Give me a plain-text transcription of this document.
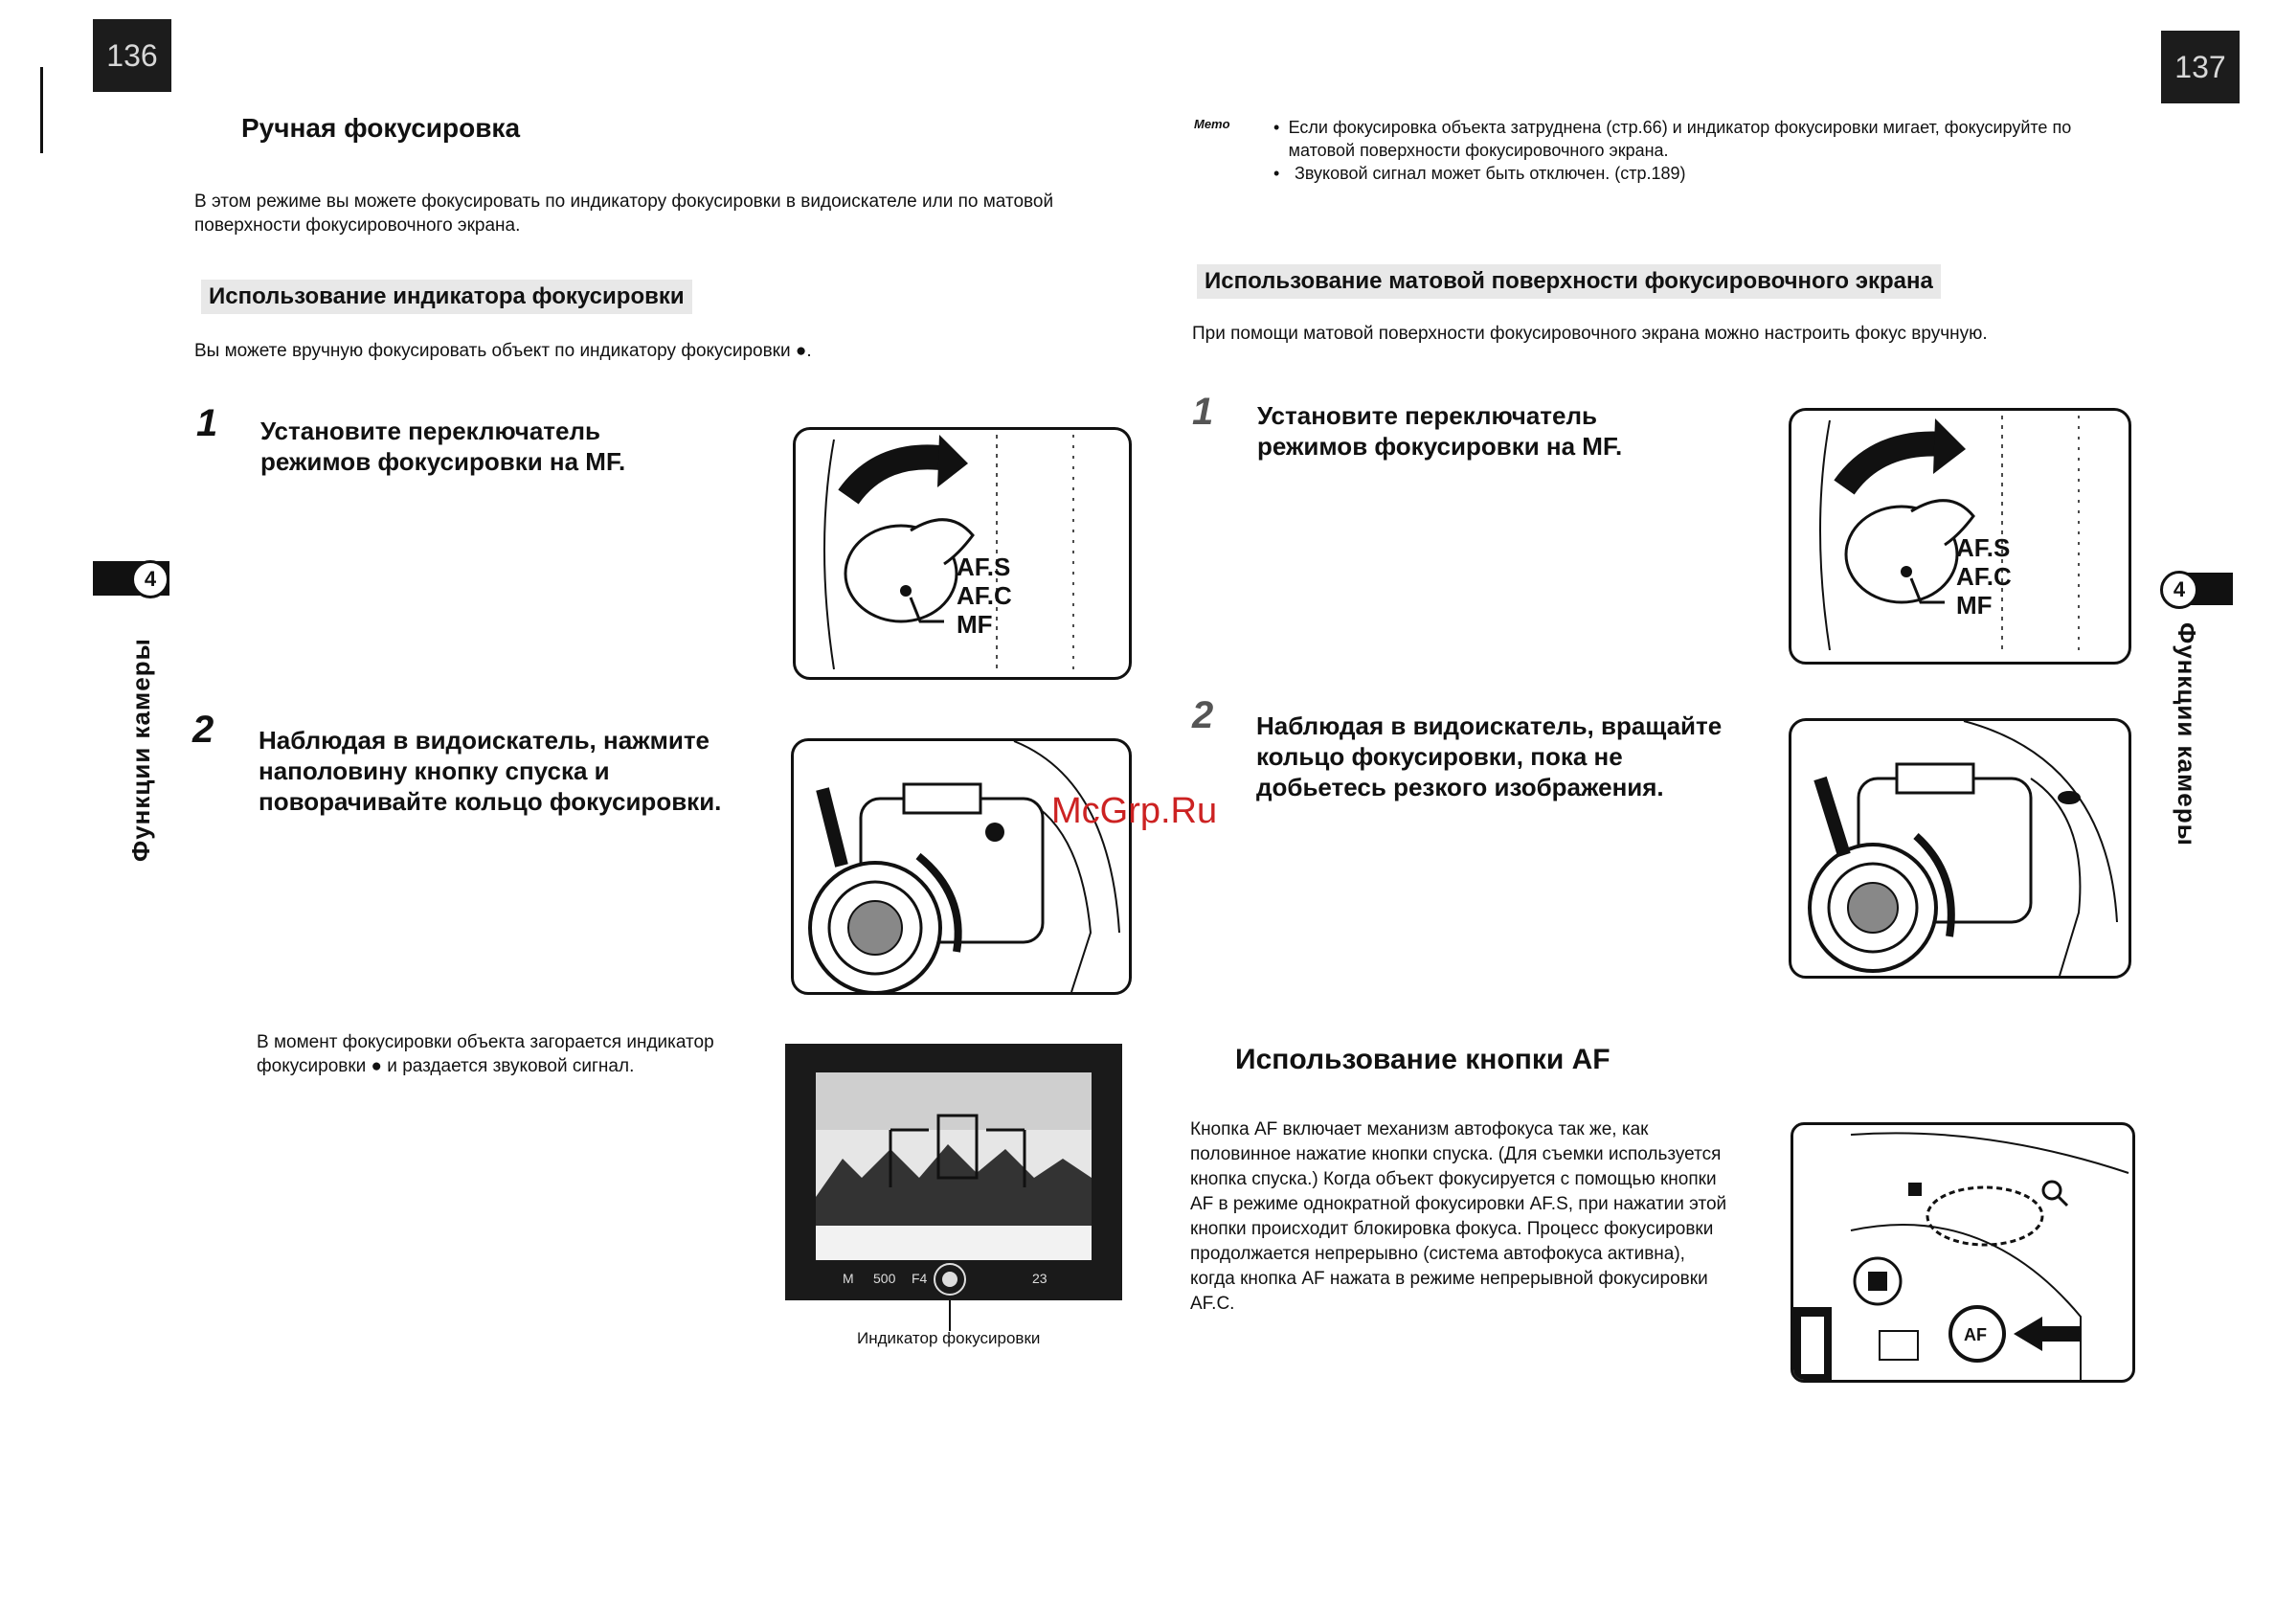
136
Ручная фокусировка
В этом режиме вы можете фокусировать по индикатору фокусировки в видоискателе или по матовой поверхности фокусировочного экрана.
Использование индикатора фокусировки
Вы можете вручную фокусировать объект по индикатору фокусировки ●.
1 Установите переключатель режимов фокусировки на MF.
AF.S
AF.C
MF
2 Наблюдая в видоискатель, нажмите наполовину кнопку спуска и поворачивайте кольцо фокусировки.
В момент фокусировки объекта загорается индикатор фокусировки ● и раздается звуковой сигнал.
M 500 F4	23
Индикатор фокусировки
4
Функции камеры
137
Memo	• Если фокусировка объекта затруднена (стр.66) и индикатор фокусировки мигает, фокусируйте по матовой поверхности фокусировочного экрана.
• Звуковой сигнал может быть отключен. (стр.189)
Использование матовой поверхности фокусировочного экрана
При помощи матовой поверхности фокусировочного экрана можно настроить фокус вручную.
1 Установите переключатель режимов фокусировки на MF.
AF.S
AF.C
MF
2 Наблюдая в видоискатель, вращайте кольцо фокусировки, пока не добьетесь резкого изображения.
Использование кнопки AF
Кнопка AF включает механизм автофокуса так же, как половинное нажатие кнопки спуска. (Для съемки используется кнопка спуска.) Когда объект фокусируется с помощью кнопки AF в режиме однократной фокусировки AF.S, при нажатии этой кнопки происходит блокировка фокуса. Процесс фокусировки продолжается непрерывно (система автофокуса активна), когда кнопка AF нажата в режиме непрерывной фокусировки AF.C.
AF
4
Функции камеры
McGrp.Ru
